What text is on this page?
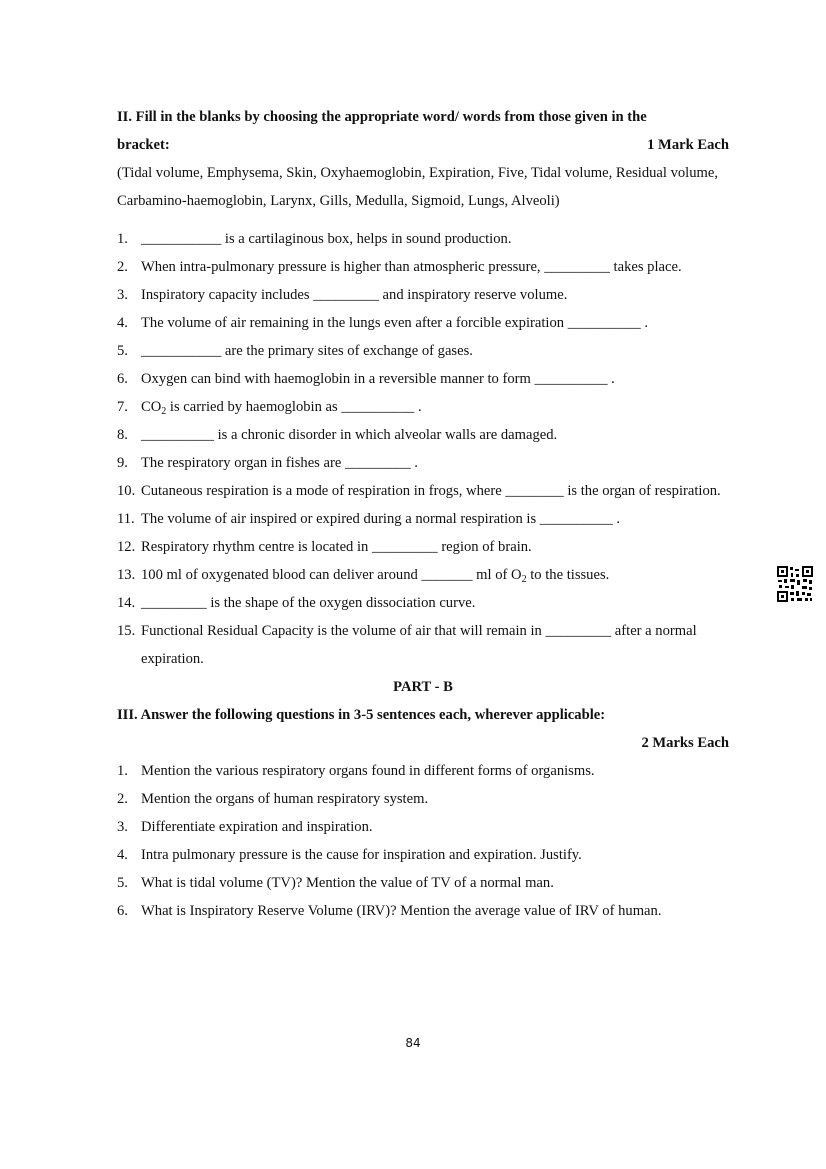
II. Fill in the blanks by choosing the appropriate word/ words from those given in the
bracket:	1 Mark Each
(Tidal volume, Emphysema, Skin, Oxyhaemoglobin, Expiration, Five, Tidal volume, Residual volume, Carbamino-haemoglobin, Larynx, Gills, Medulla, Sigmoid, Lungs, Alveoli)
1. ___________ is a cartilaginous box, helps in sound production.
2. When intra-pulmonary pressure is higher than atmospheric pressure, _________ takes place.
3. Inspiratory capacity includes _________ and inspiratory reserve volume.
4. The volume of air remaining in the lungs even after a forcible expiration __________ .
5. ___________ are the primary sites of exchange of gases.
6. Oxygen can bind with haemoglobin in a reversible manner to form __________ .
7. $CO_2$ is carried by haemoglobin as __________ .
8. __________ is a chronic disorder in which alveolar walls are damaged.
9. The respiratory organ in fishes are _________ .
10. Cutaneous respiration is a mode of respiration in frogs, where ________ is the organ of respiration.
11. The volume of air inspired or expired during a normal respiration is __________ .
12. Respiratory rhythm centre is located in _________ region of brain.
13. 100 ml of oxygenated blood can deliver around _______ ml of $O_2$ to the tissues.
14. _________ is the shape of the oxygen dissociation curve.
15. Functional Residual Capacity is the volume of air that will remain in _________ after a normal expiration.
PART - B
III. Answer the following questions in 3-5 sentences each, wherever applicable:
2 Marks Each
1. Mention the various respiratory organs found in different forms of organisms.
2. Mention the organs of human respiratory system.
3. Differentiate expiration and inspiration.
4. Intra pulmonary pressure is the cause for inspiration and expiration. Justify.
5. What is tidal volume (TV)? Mention the value of TV of a normal man.
6. What is Inspiratory Reserve Volume (IRV)? Mention the average value of IRV of human.
84
